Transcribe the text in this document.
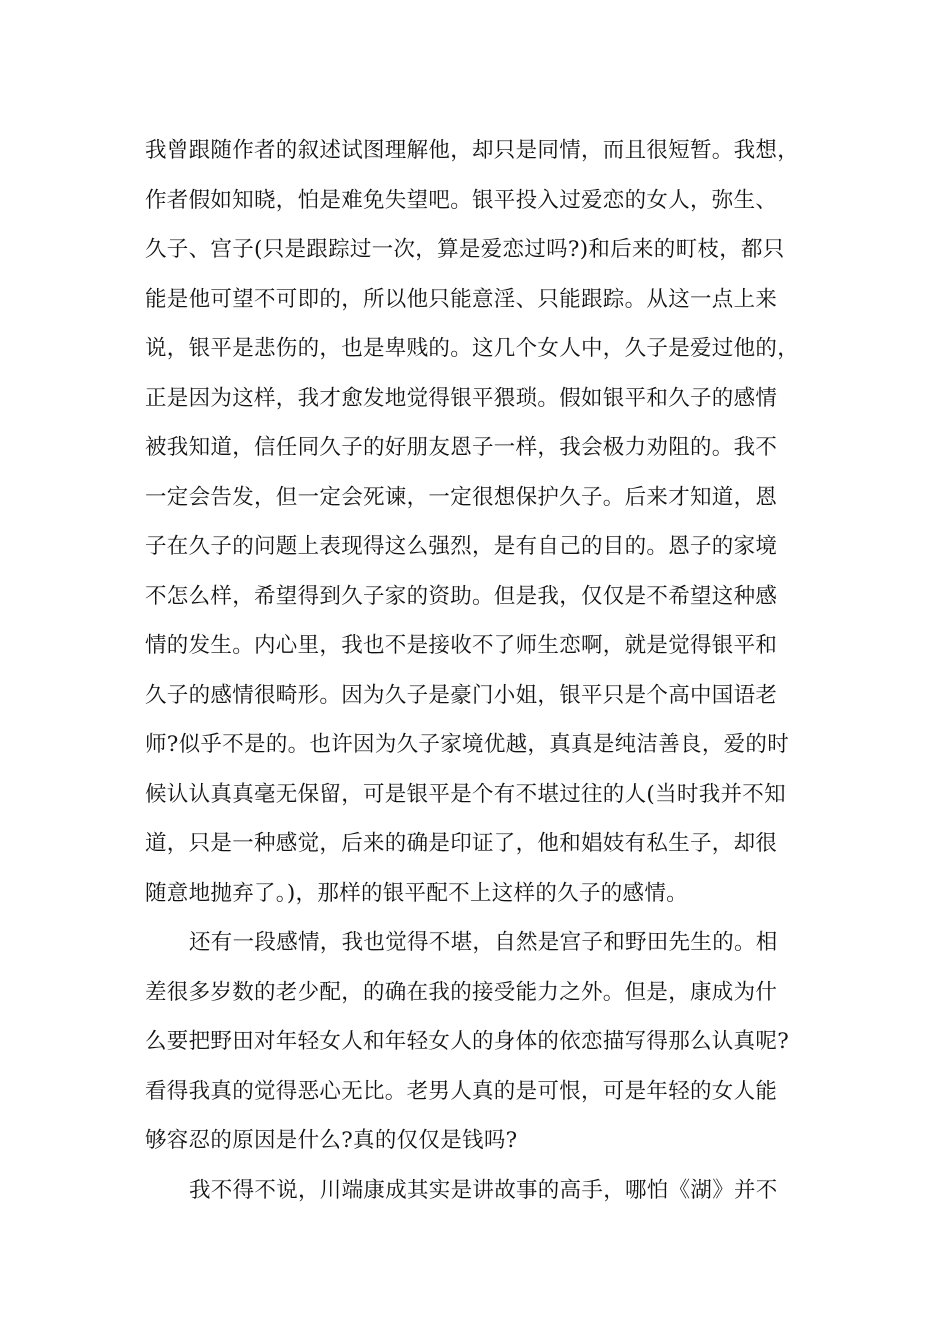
我曾跟随作者的叙述试图理解他，却只是同情，而且很短暂。我想，
作者假如知晓，怕是难免失望吧。银平投入过爱恋的女人，弥生、
久子、宫子(只是跟踪过一次，算是爱恋过吗?)和后来的町枝，都只
能是他可望不可即的，所以他只能意淫、只能跟踪。从这一点上来
说，银平是悲伤的，也是卑贱的。这几个女人中，久子是爱过他的，
正是因为这样，我才愈发地觉得银平猥琐。假如银平和久子的感情
被我知道，信任同久子的好朋友恩子一样，我会极力劝阻的。我不
一定会告发，但一定会死谏，一定很想保护久子。后来才知道，恩
子在久子的问题上表现得这么强烈，是有自己的目的。恩子的家境
不怎么样，希望得到久子家的资助。但是我，仅仅是不希望这种感
情的发生。内心里，我也不是接收不了师生恋啊，就是觉得银平和
久子的感情很畸形。因为久子是豪门小姐，银平只是个高中国语老
师?似乎不是的。也许因为久子家境优越，真真是纯洁善良，爱的时
候认认真真毫无保留，可是银平是个有不堪过往的人(当时我并不知
道，只是一种感觉，后来的确是印证了，他和娼妓有私生子，却很
随意地抛弃了。)，那样的银平配不上这样的久子的感情。
还有一段感情，我也觉得不堪，自然是宫子和野田先生的。相
差很多岁数的老少配，的确在我的接受能力之外。但是，康成为什
么要把野田对年轻女人和年轻女人的身体的依恋描写得那么认真呢?
看得我真的觉得恶心无比。老男人真的是可恨，可是年轻的女人能
够容忍的原因是什么?真的仅仅是钱吗?
我不得不说，川端康成其实是讲故事的高手，哪怕《湖》并不
